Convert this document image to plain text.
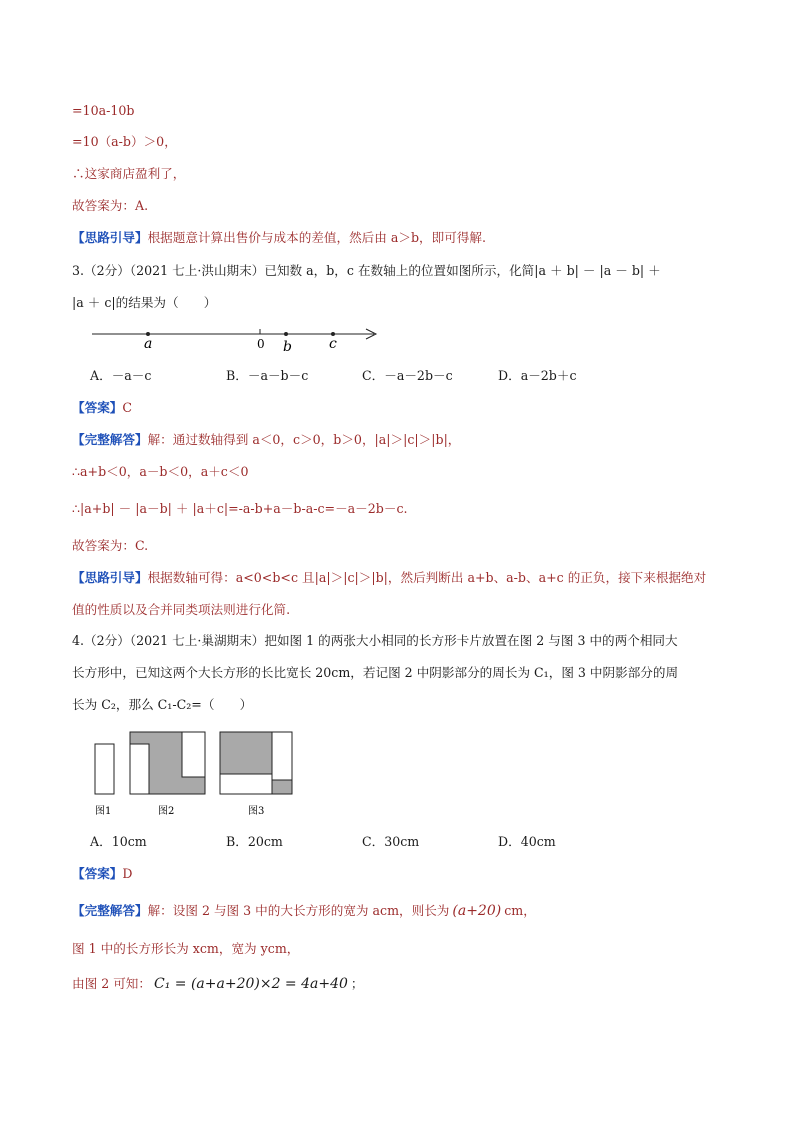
=10a-10b
=10（a-b）＞0，
∴这家商店盈利了，
故答案为：A.
【思路引导】根据题意计算出售价与成本的差值，然后由 a＞b，即可得解.
3.（2分）（2021 七上·洪山期末）已知数 a，b，c 在数轴上的位置如图所示，化简|a ＋ b| － |a － b| ＋
|a ＋ c|的结果为（　　）
a	0 b	c
A．－a－c	B．－a－b－c	C．－a－2b－c	D．a－2b＋c
【答案】C
【完整解答】解：通过数轴得到 a＜0，c＞0，b＞0，|a|＞|c|＞|b|，
∴a+b＜0，a－b＜0，a＋c＜0
∴|a+b| － |a－b| ＋ |a＋c|=-a-b+a－b-a-c=－a－2b－c.
故答案为：C.
【思路引导】根据数轴可得：a<0<b<c 且|a|＞|c|＞|b|，然后判断出 a+b、a-b、a+c 的正负，接下来根据绝对
值的性质以及合并同类项法则进行化简.
4.（2分）（2021 七上·巢湖期末）把如图 1 的两张大小相同的长方形卡片放置在图 2 与图 3 中的两个相同大
长方形中，已知这两个大长方形的长比宽长 20cm，若记图 2 中阴影部分的周长为 C₁，图 3 中阴影部分的周
长为 C₂，那么 C₁-C₂=（　　）
图1	图2	图3
A．10cm	B．20cm	C．30cm	D．40cm
【答案】D
【完整解答】解：设图 2 与图 3 中的大长方形的宽为 acm，则长为 (a+20) cm，
图 1 中的长方形长为 xcm，宽为 ycm，
由图 2 可知： C₁ = (a+a+20)×2 = 4a+40 ；
